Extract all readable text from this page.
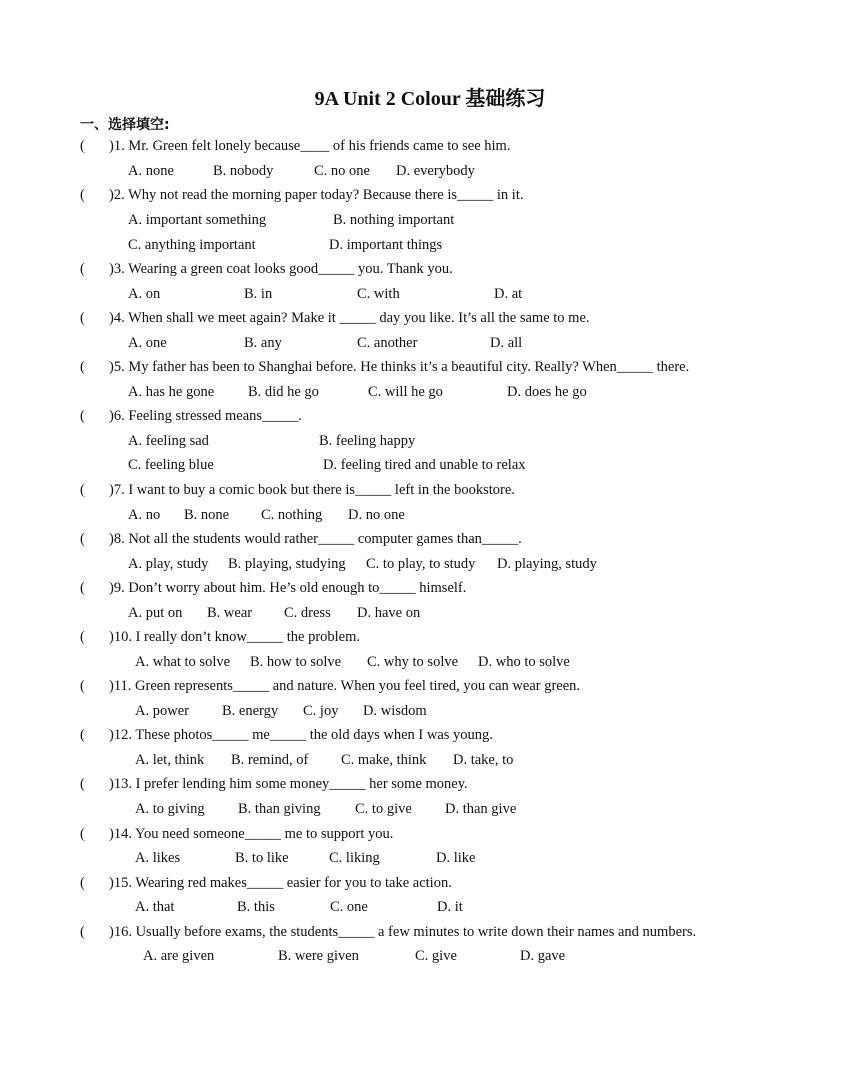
9A Unit 2 Colour 基础练习
一、选择填空:
( )1. Mr. Green felt lonely because____ of his friends came to see him.
A. none	B. nobody	C. no one D. everybody
( )2. Why not read the morning paper today? Because there is_____ in it.
A. important something	B. nothing important
C. anything important	D. important things
( )3. Wearing a green coat looks good_____ you. Thank you.
A. on	B. in	C. with	D. at
( )4. When shall we meet again? Make it _____ day you like. It’s all the same to me.
A. one	B. any	C. another	D. all
( )5. My father has been to Shanghai before. He thinks it’s a beautiful city. Really? When_____ there.
A. has he gone B. did he go	C. will he go	D. does he go
( )6. Feeling stressed means_____.
A. feeling sad	B. feeling happy
C. feeling blue	D. feeling tired and unable to relax
( )7. I want to buy a comic book but there is_____ left in the bookstore.
A. no B. none C. nothing D. no one
( )8. Not all the students would rather_____ computer games than_____.
A. play, study B. playing, studying C. to play, to study D. playing, study
( )9. Don’t worry about him. He’s old enough to_____ himself.
A. put on B. wear C. dress D. have on
( )10. I really don’t know_____ the problem.
A. what to solve B. how to solve C. why to solve D. who to solve
( )11. Green represents_____ and nature. When you feel tired, you can wear green.
A. power B. energy C. joy D. wisdom
( )12. These photos_____ me_____ the old days when I was young.
A. let, think B. remind, of C. make, think D. take, to
( )13. I prefer lending him some money_____ her some money.
A. to giving B. than giving C. to give D. than give
( )14. You need someone_____ me to support you.
A. likes	B. to like	C. liking	D. like
( )15. Wearing red makes_____ easier for you to take action.
A. that	B. this	C. one	D. it
( )16. Usually before exams, the students_____ a few minutes to write down their names and numbers.
A. are given	B. were given	C. give	D. gave
